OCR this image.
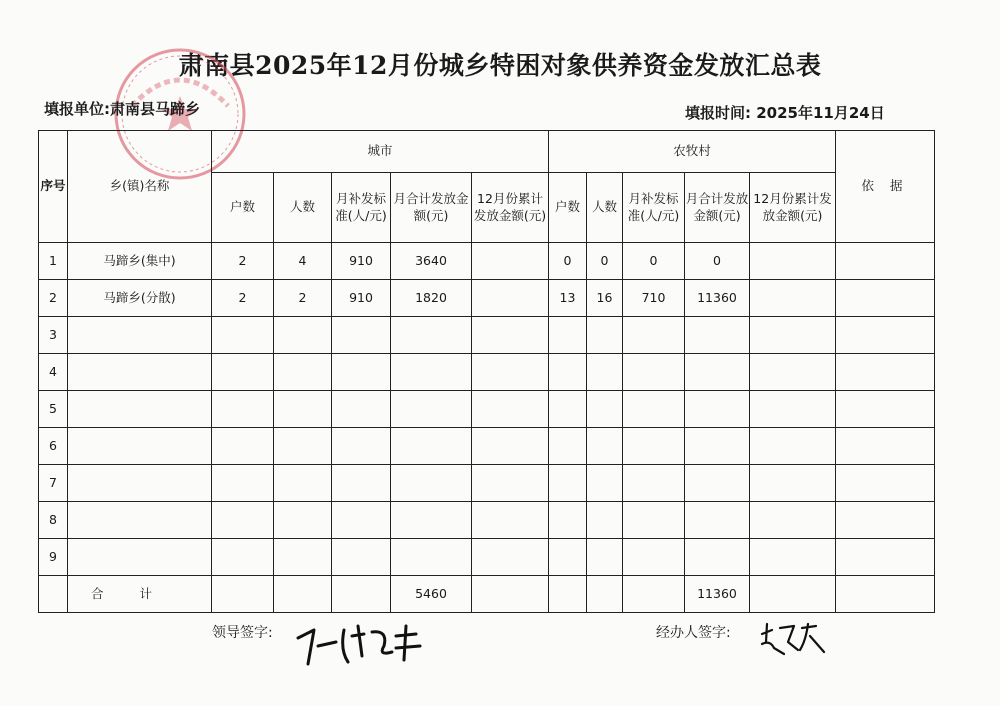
肃南县2025年12月份城乡特困对象供养资金发放汇总表
填报单位:肃南县马蹄乡	填报时间: 2025年11月24日
序号	乡(镇)名称	城市					农牧村					依 据
		户数	人数	月补发标准(人/元)	月合计发放金额(元)	12月份累计发放金额(元)	户数	人数	月补发标准(人/元)	月合计发放金额(元)	12月份累计发放金额(元)	
1	马蹄乡(集中)	2	4	910	3640		0	0	0	0		
2	马蹄乡(分散)	2	2	910	1820		13	16	710	11360		
3												
4												
5												
6												
7												
8												
9												
	合计				5460					11360		
领导签字:	经办人签字:
